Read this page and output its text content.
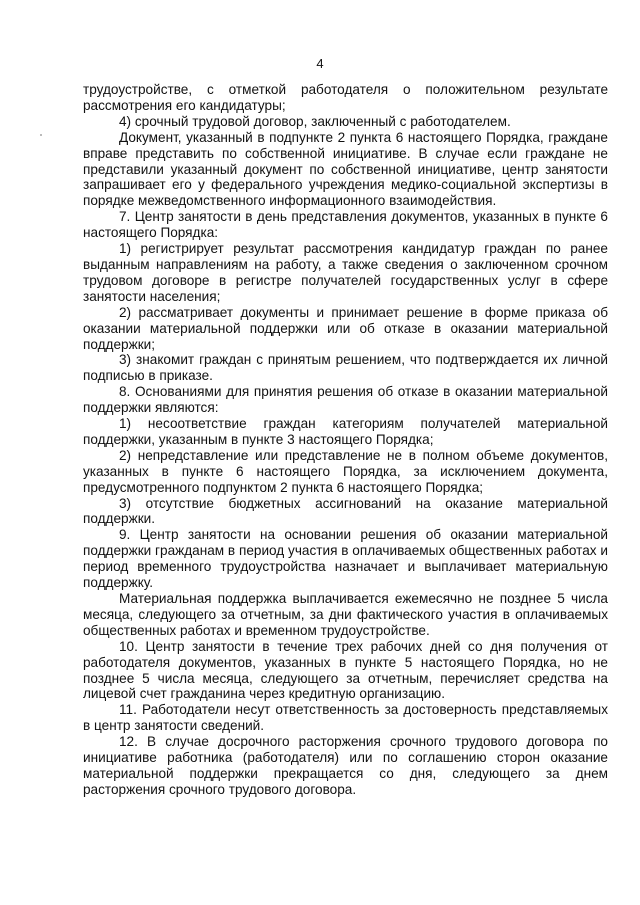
4

трудоустройстве, с отметкой работодателя о положительном результате рассмотрения его кандидатуры;

4) срочный трудовой договор, заключенный с работодателем.

Документ, указанный в подпункте 2 пункта 6 настоящего Порядка, граждане вправе представить по собственной инициативе. В случае если граждане не представили указанный документ по собственной инициативе, центр занятости запрашивает его у федерального учреждения медико-социальной экспертизы в порядке межведомственного информационного взаимодействия.

7. Центр занятости в день представления документов, указанных в пункте 6 настоящего Порядка:

1) регистрирует результат рассмотрения кандидатур граждан по ранее выданным направлениям на работу, а также сведения о заключенном срочном трудовом договоре в регистре получателей государственных услуг в сфере занятости населения;

2) рассматривает документы и принимает решение в форме приказа об оказании материальной поддержки или об отказе в оказании материальной поддержки;

3) знакомит граждан с принятым решением, что подтверждается их личной подписью в приказе.

8. Основаниями для принятия решения об отказе в оказании материальной поддержки являются:

1) несоответствие граждан категориям получателей материальной поддержки, указанным в пункте 3 настоящего Порядка;

2) непредставление или представление не в полном объеме документов, указанных в пункте 6 настоящего Порядка, за исключением документа, предусмотренного подпунктом 2 пункта 6 настоящего Порядка;

3) отсутствие бюджетных ассигнований на оказание материальной поддержки.

9. Центр занятости на основании решения об оказании материальной поддержки гражданам в период участия в оплачиваемых общественных работах и период временного трудоустройства назначает и выплачивает материальную поддержку.

Материальная поддержка выплачивается ежемесячно не позднее 5 числа месяца, следующего за отчетным, за дни фактического участия в оплачиваемых общественных работах и временном трудоустройстве.

10. Центр занятости в течение трех рабочих дней со дня получения от работодателя документов, указанных в пункте 5 настоящего Порядка, но не позднее 5 числа месяца, следующего за отчетным, перечисляет средства на лицевой счет гражданина через кредитную организацию.

11. Работодатели несут ответственность за достоверность представляемых в центр занятости сведений.

12. В случае досрочного расторжения срочного трудового договора по инициативе работника (работодателя) или по соглашению сторон оказание материальной поддержки прекращается со дня, следующего за днем расторжения срочного трудового договора.
